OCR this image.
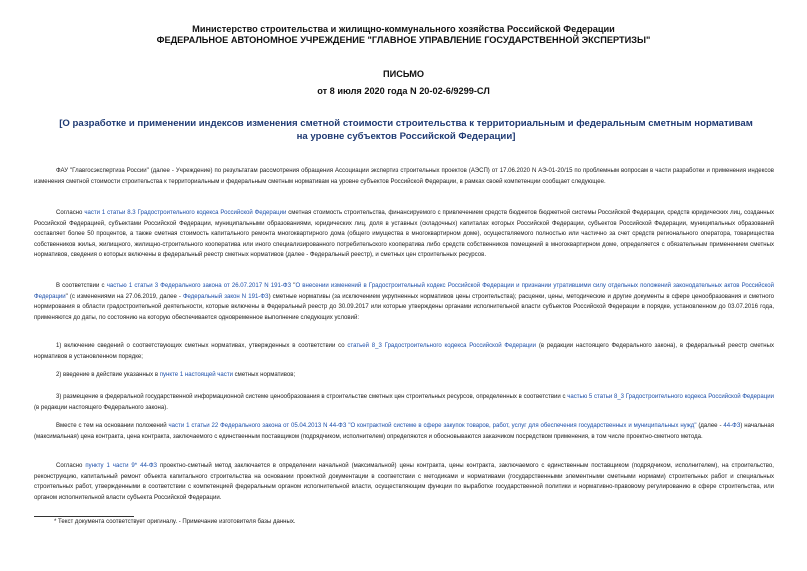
Министерство строительства и жилищно-коммунального хозяйства Российской Федерации
ФЕДЕРАЛЬНОЕ АВТОНОМНОЕ УЧРЕЖДЕНИЕ "ГЛАВНОЕ УПРАВЛЕНИЕ ГОСУДАРСТВЕННОЙ ЭКСПЕРТИЗЫ"
ПИСЬМО
от 8 июля 2020 года N 20-02-6/9299-СЛ
[О разработке и применении индексов изменения сметной стоимости строительства к территориальным и федеральным сметным нормативам на уровне субъектов Российской Федерации]

ФАУ "Главгосэкспертиза России" (далее - Учреждение) по результатам рассмотрения обращения Ассоциации экспертиз строительных проектов (АЭСП) от 17.06.2020 N АЭ-01-20/15 по проблемным вопросам в части разработки и применения индексов изменения сметной стоимости строительства к территориальным и федеральным сметным нормативам на уровне субъектов Российской Федерации, в рамках своей компетенции сообщает следующее.

Согласно части 1 статьи 8.3 Градостроительного кодекса Российской Федерации сметная стоимость строительства, финансируемого с привлечением средств бюджетов бюджетной системы Российской Федерации, средств юридических лиц, созданных Российской Федерацией, субъектами Российской Федерации, муниципальными образованиями, юридических лиц, доля в уставных (складочных) капиталах которых Российской Федерации, субъектов Российской Федерации, муниципальных образований составляет более 50 процентов, а также сметная стоимость капитального ремонта многоквартирного дома (общего имущества в многоквартирном доме), осуществляемого полностью или частично за счет средств регионального оператора, товарищества собственников жилья, жилищного, жилищно-строительного кооператива или иного специализированного потребительского кооператива либо средств собственников помещений в многоквартирном доме, определяется с обязательным применением сметных нормативов, сведения о которых включены в федеральный реестр сметных нормативов (далее - Федеральный реестр), и сметных цен строительных ресурсов.

В соответствии с частью 1 статьи 3 Федерального закона от 26.07.2017 N 191-ФЗ "О внесении изменений в Градостроительный кодекс Российской Федерации и признании утратившими силу отдельных положений законодательных актов Российской Федерации" (с изменениями на 27.06.2019, далее - Федеральный закон N 191-ФЗ) сметные нормативы (за исключением укрупненных нормативов цены строительства); расценки, цены, методические и другие документы в сфере ценообразования и сметного нормирования в области градостроительной деятельности, которые включены в Федеральный реестр до 30.09.2017 или которые утверждены органами исполнительной власти субъектов Российской Федерации в порядке, установленном до 03.07.2016 года, применяются до даты, по состоянию на которую обеспечивается одновременное выполнение следующих условий:

1) включение сведений о соответствующих сметных нормативах, утвержденных в соответствии со статьей 8_3 Градостроительного кодекса Российской Федерации (в редакции настоящего Федерального закона), в федеральный реестр сметных нормативов в установленном порядке;

2) введение в действие указанных в пункте 1 настоящей части сметных нормативов;

3) размещение в федеральной государственной информационной системе ценообразования в строительстве сметных цен строительных ресурсов, определенных в соответствии с частью 5 статьи 8_3 Градостроительного кодекса Российской Федерации (в редакции настоящего Федерального закона).

Вместе с тем на основании положений части 1 статьи 22 Федерального закона от 05.04.2013 N 44-ФЗ "О контрактной системе в сфере закупок товаров, работ, услуг для обеспечения государственных и муниципальных нужд" (далее - 44-ФЗ) начальная (максимальная) цена контракта, цена контракта, заключаемого с единственным поставщиком (подрядчиком, исполнителем) определяются и обосновываются заказчиком посредством применения, в том числе проектно-сметного метода.

Согласно пункту 1 части 9* 44-ФЗ проектно-сметный метод заключается в определении начальной (максимальной) цены контракта, цены контракта, заключаемого с единственным поставщиком (подрядчиком, исполнителем), на строительство, реконструкцию, капитальный ремонт объекта капитального строительства на основании проектной документации в соответствии с методиками и нормативами (государственными элементными сметными нормами) строительных работ и специальных строительных работ, утвержденными в соответствии с компетенцией федеральным органом исполнительной власти, осуществляющим функции по выработке государственной политики и нормативно-правовому регулированию в сфере строительства, или органом исполнительной власти субъекта Российской Федерации.

* Текст документа соответствует оригиналу. - Примечание изготовителя базы данных.
